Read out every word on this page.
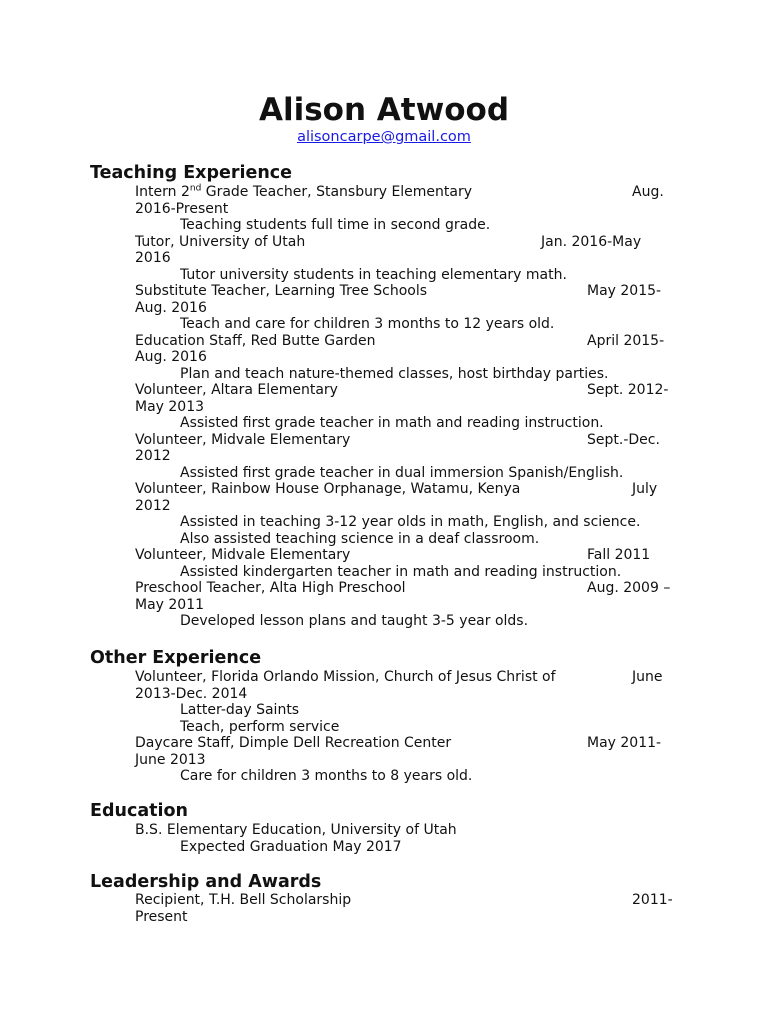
Alison Atwood
alisoncarpe@gmail.com
Teaching Experience
Intern 2nd Grade Teacher, Stansbury Elementary	Aug.
2016-Present
Teaching students full time in second grade.
Tutor, University of Utah	Jan. 2016-May
2016
Tutor university students in teaching elementary math.
Substitute Teacher, Learning Tree Schools	May 2015-
Aug. 2016
Teach and care for children 3 months to 12 years old.
Education Staff, Red Butte Garden	April 2015-
Aug. 2016
Plan and teach nature-themed classes, host birthday parties.
Volunteer, Altara Elementary	Sept. 2012-
May 2013
Assisted first grade teacher in math and reading instruction.
Volunteer, Midvale Elementary	Sept.-Dec.
2012
Assisted first grade teacher in dual immersion Spanish/English.
Volunteer, Rainbow House Orphanage, Watamu, Kenya	July
2012
Assisted in teaching 3-12 year olds in math, English, and science.
Also assisted teaching science in a deaf classroom.
Volunteer, Midvale Elementary	Fall 2011
Assisted kindergarten teacher in math and reading instruction.
Preschool Teacher, Alta High Preschool	Aug. 2009 –
May 2011
Developed lesson plans and taught 3-5 year olds.
Other Experience
Volunteer, Florida Orlando Mission, Church of Jesus Christ of	June
2013-Dec. 2014
Latter-day Saints
Teach, perform service
Daycare Staff, Dimple Dell Recreation Center	May 2011-
June 2013
Care for children 3 months to 8 years old.
Education
B.S. Elementary Education, University of Utah
Expected Graduation May 2017
Leadership and Awards
Recipient, T.H. Bell Scholarship	2011-
Present
